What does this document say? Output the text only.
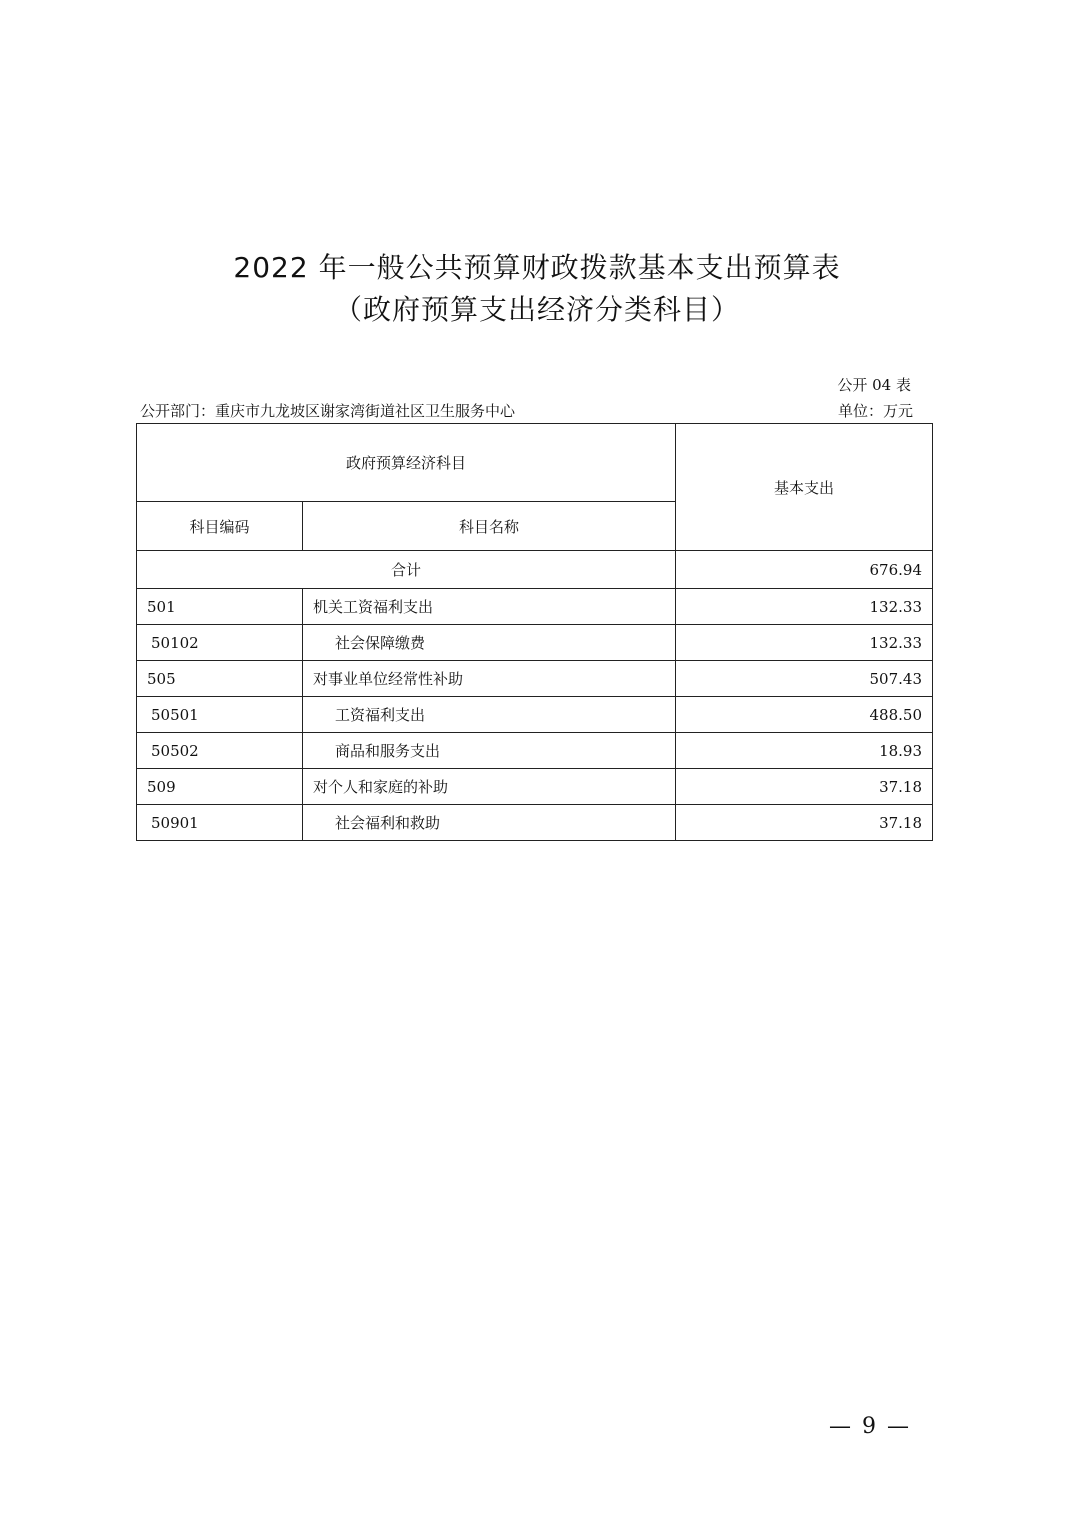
2022 年一般公共预算财政拨款基本支出预算表
（政府预算支出经济分类科目）
公开 04 表
公开部门：重庆市九龙坡区谢家湾街道社区卫生服务中心	单位：万元
政府预算经济科目		基本支出
科目编码	科目名称	
合计		676.94
501	机关工资福利支出	132.33
50102	社会保障缴费	132.33
505	对事业单位经常性补助	507.43
50501	工资福利支出	488.50
50502	商品和服务支出	18.93
509	对个人和家庭的补助	37.18
50901	社会福利和救助	37.18
— 9 —
